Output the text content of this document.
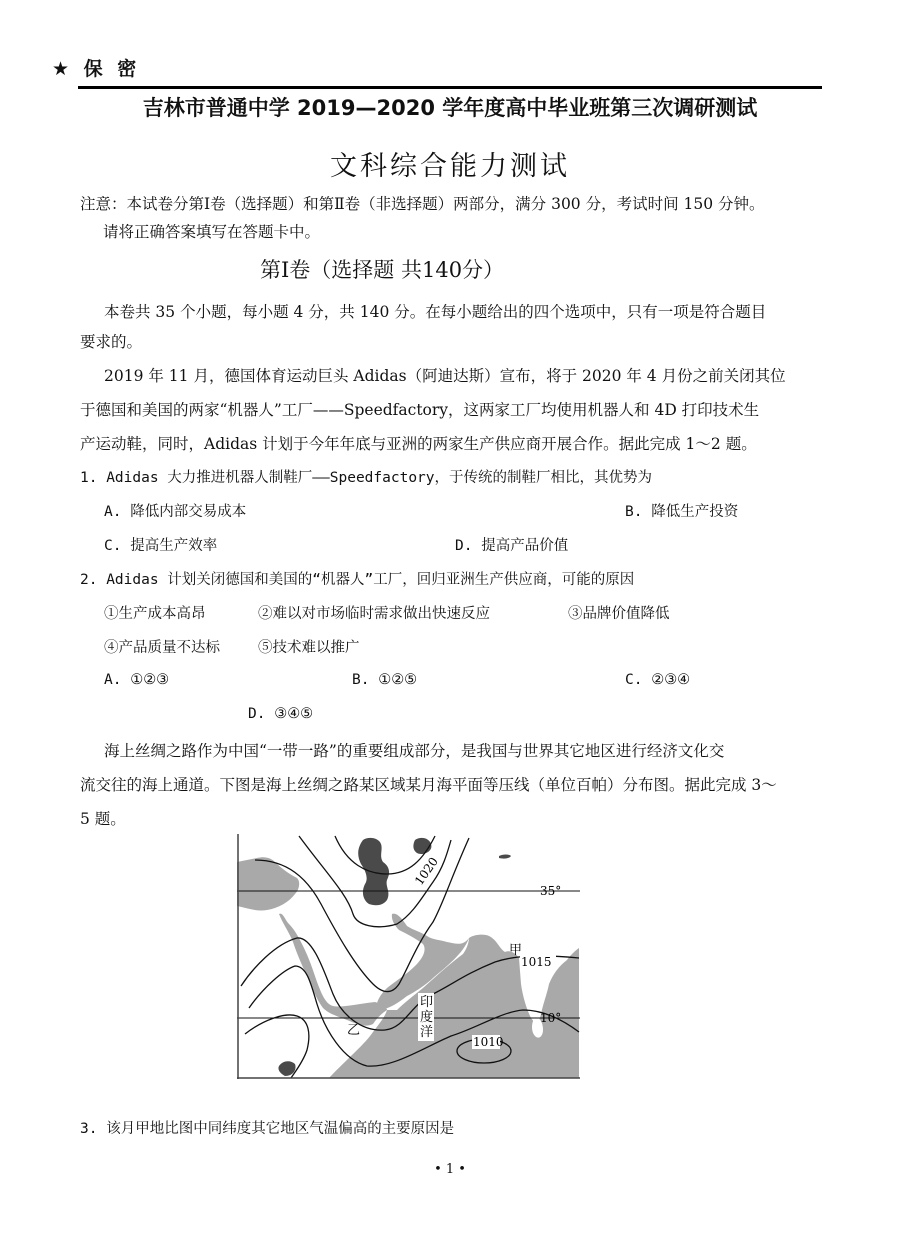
★ 保 密
吉林市普通中学 2019—2020 学年度高中毕业班第三次调研测试
文科综合能力测试
注意：本试卷分第Ⅰ卷（选择题）和第Ⅱ卷（非选择题）两部分，满分 300 分，考试时间 150 分钟。
请将正确答案填写在答题卡中。
第Ⅰ卷（选择题 共140分）
本卷共 35 个小题，每小题 4 分，共 140 分。在每小题给出的四个选项中，只有一项是符合题目
要求的。
2019 年 11 月，德国体育运动巨头 Adidas（阿迪达斯）宣布，将于 2020 年 4 月份之前关闭其位
于德国和美国的两家“机器人”工厂——Speedfactory，这两家工厂均使用机器人和 4D 打印技术生
产运动鞋，同时，Adidas 计划于今年年底与亚洲的两家生产供应商开展合作。据此完成 1～2 题。
1. Adidas 大力推进机器人制鞋厂——Speedfactory，于传统的制鞋厂相比，其优势为
A. 降低内部交易成本	B. 降低生产投资
C. 提高生产效率	D. 提高产品价值
2. Adidas 计划关闭德国和美国的“机器人”工厂，回归亚洲生产供应商，可能的原因
①生产成本高昂	②难以对市场临时需求做出快速反应	③品牌价值降低
④产品质量不达标	⑤技术难以推广
A. ①②③	B. ①②⑤	C. ②③④
D. ③④⑤
海上丝绸之路作为中国“一带一路”的重要组成部分，是我国与世界其它地区进行经济文化交
流交往的海上通道。下图是海上丝绸之路某区域某月海平面等压线（单位百帕）分布图。据此完成 3～
5 题。
35°
10°
1020
1015
1010
甲
乙
印
度
洋
3. 该月甲地比图中同纬度其它地区气温偏高的主要原因是
• 1 •
